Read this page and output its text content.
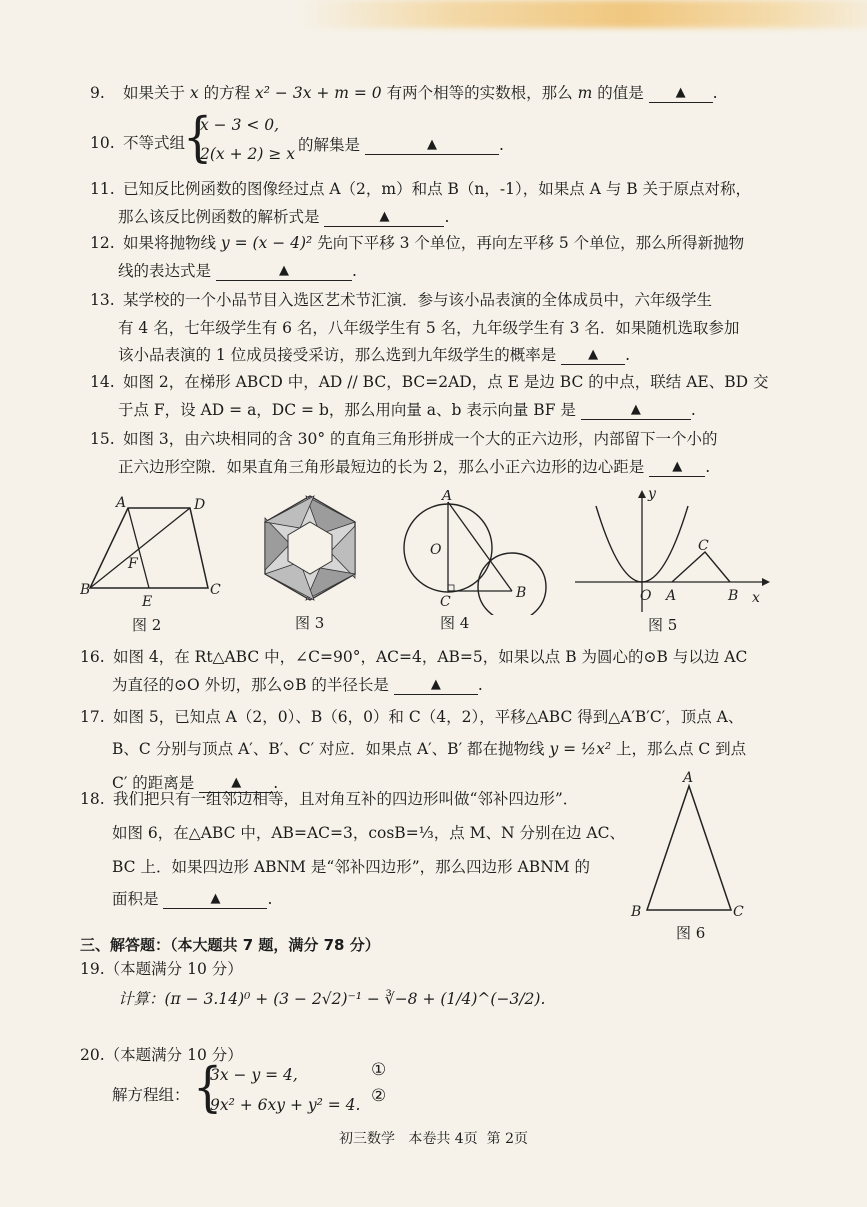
9. 如果关于 x 的方程 x² − 3x + m = 0 有两个相等的实数根，那么 m 的值是 ▲ .
10. 不等式组
{
x − 3 < 0,
2(x + 2) ≥ x 的解集是	▲	.
11. 已知反比例函数的图像经过点 A（2，m）和点 B（n，-1），如果点 A 与 B 关于原点对称，
那么该反比例函数的解析式是	▲	.
12. 如果将抛物线 y = (x − 4)² 先向下平移 3 个单位，再向左平移 5 个单位，那么所得新抛物
线的表达式是	▲	.
13. 某学校的一个小品节目入选区艺术节汇演．参与该小品表演的全体成员中，六年级学生
有 4 名，七年级学生有 6 名，八年级学生有 5 名，九年级学生有 3 名．如果随机选取参加
该小品表演的 1 位成员接受采访，那么选到九年级学生的概率是 ▲ .
14. 如图 2，在梯形 ABCD 中，AD // BC，BC=2AD，点 E 是边 BC 的中点，联结 AE、BD 交
于点 F，设 AD = a，DC = b，那么用向量 a、b 表示向量 BF 是	▲	.
15. 如图 3，由六块相同的含 30° 的直角三角形拼成一个大的正六边形，内部留下一个小的
正六边形空隙．如果直角三角形最短边的长为 2，那么小正六边形的边心距是 ▲ .
A	D
F
B
E
C
A
O
C
B
y
C
O A	B x
图 2	图 3	图 4	图 5
16. 如图 4，在 Rt△ABC 中，∠C=90°，AC=4，AB=5，如果以点 B 为圆心的⊙B 与以边 AC
为直径的⊙O 外切，那么⊙B 的半径长是	▲ .
17. 如图 5，已知点 A（2，0）、B（6，0）和 C（4，2），平移△ABC 得到△A′B′C′，顶点 A、
B、C 分别与顶点 A′、B′、C′ 对应．如果点 A′、B′ 都在抛物线 y = ½x² 上，那么点 C 到点
C′ 的距离是	▲ .
18. 我们把只有一组邻边相等，且对角互补的四边形叫做“邻补四边形”．
如图 6，在△ABC 中，AB=AC=3，cosB=⅓，点 M、N 分别在边 AC、
BC 上．如果四边形 ABNM 是“邻补四边形”，那么四边形 ABNM 的
面积是	▲	.
A
B	C
图 6
三、解答题：（本大题共 7 题，满分 78 分）
19.（本题满分 10 分）
计算：(π − 3.14)⁰ + (3 − 2√2)⁻¹ − ∛−8 + (1/4)^(−3/2).
20.（本题满分 10 分）
解方程组： {
3x − y = 4,
9x² + 6xy + y² = 4.
①
②
初三数学 本卷共 4页 第 2页
